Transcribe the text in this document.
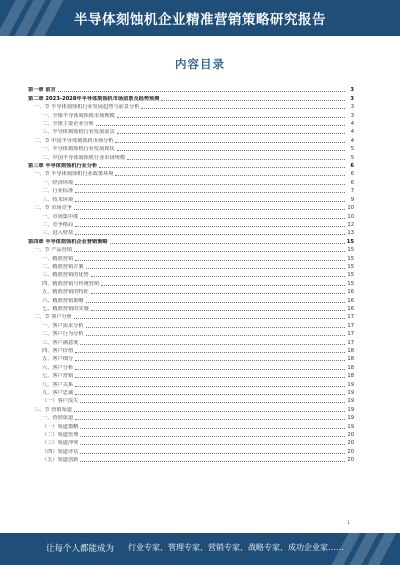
半导体刻蚀机企业精准营销策略研究报告
内容目录
第一章 前言	3
第二章 2023-2028年半导体刻蚀机市场前景及趋势预测	3
一、节 半导体刻蚀机行业发展趋势与前景分析	3
一、全球半导体刻蚀机市场规模	3
二、全球主要企业分析	4
三、半导体刻蚀机行业发展前景	4
二、节 中国半导体刻蚀机市场分析	4
一、半导体刻蚀机行业发展现状	5
二、中国半导体刻蚀机行业市场规模	5
第三章 半导体刻蚀机行业分析	6
一、节 半导体刻蚀机行业政策环境	6
一、经济环境	6
二、行业标准	7
三、技术环境	9
二、节 市场竞争	10
一、市场集中度	10
二、竞争格局	12
三、进入壁垒	13
第四章 半导体刻蚀机企业营销策略	15
一、节 产品营销	15
一、精准营销	15
二、精准营销方案	15
三、精准营销的优势	15
四、精准营销与传统营销	15
五、精准营销的特征	16
六、精准营销策略	16
七、精准营销的实施	16
二、节 客户分析	17
一、客户需求分析	17
二、客户行为分析	17
三、客户满意度	17
四、客户价值	18
五、客户细分	18
六、客户分析	18
七、客户营销	18
八、客户关系	19
九、客户忠诚	19
（一）客户流失	19
三、节 营销渠道	19
一、营销渠道	19
（一）渠道策略	19
（二）渠道管理	20
（三）渠道冲突	20
（四）渠道评估	20
（五）渠道创新	20
1
让每个人都能成为 行业专家、管理专家、营销专家、战略专家、成功企业家……
